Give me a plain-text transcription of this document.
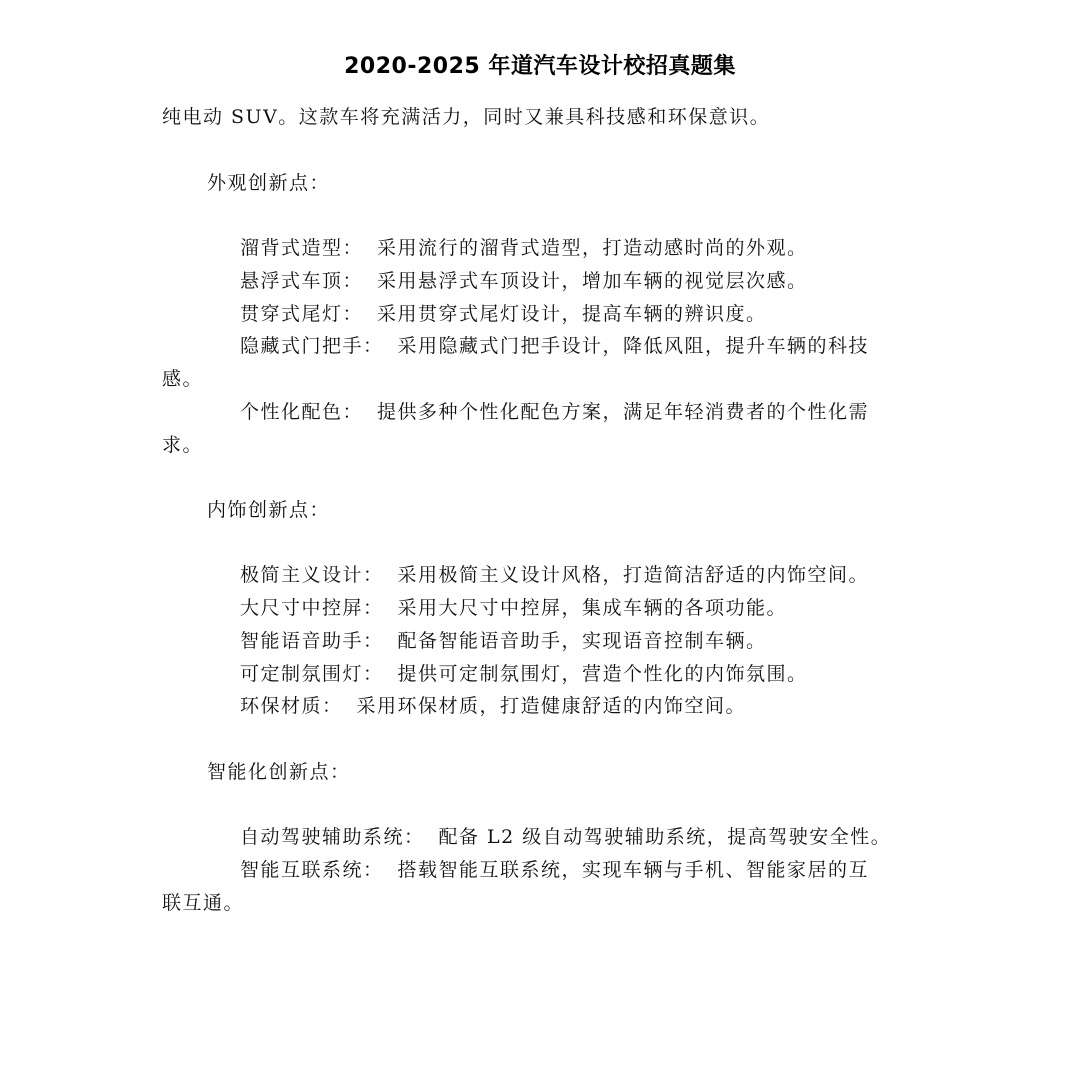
2020-2025 年道汽车设计校招真题集
纯电动 SUV。这款车将充满活力，同时又兼具科技感和环保意识。
外观创新点：
溜背式造型： 采用流行的溜背式造型，打造动感时尚的外观。
悬浮式车顶： 采用悬浮式车顶设计，增加车辆的视觉层次感。
贯穿式尾灯： 采用贯穿式尾灯设计，提高车辆的辨识度。
隐藏式门把手： 采用隐藏式门把手设计，降低风阻，提升车辆的科技
感。
个性化配色： 提供多种个性化配色方案，满足年轻消费者的个性化需
求。
内饰创新点：
极简主义设计： 采用极简主义设计风格，打造简洁舒适的内饰空间。
大尺寸中控屏： 采用大尺寸中控屏，集成车辆的各项功能。
智能语音助手： 配备智能语音助手，实现语音控制车辆。
可定制氛围灯： 提供可定制氛围灯，营造个性化的内饰氛围。
环保材质： 采用环保材质，打造健康舒适的内饰空间。
智能化创新点：
自动驾驶辅助系统： 配备 L2 级自动驾驶辅助系统，提高驾驶安全性。
智能互联系统： 搭载智能互联系统，实现车辆与手机、智能家居的互
联互通。
